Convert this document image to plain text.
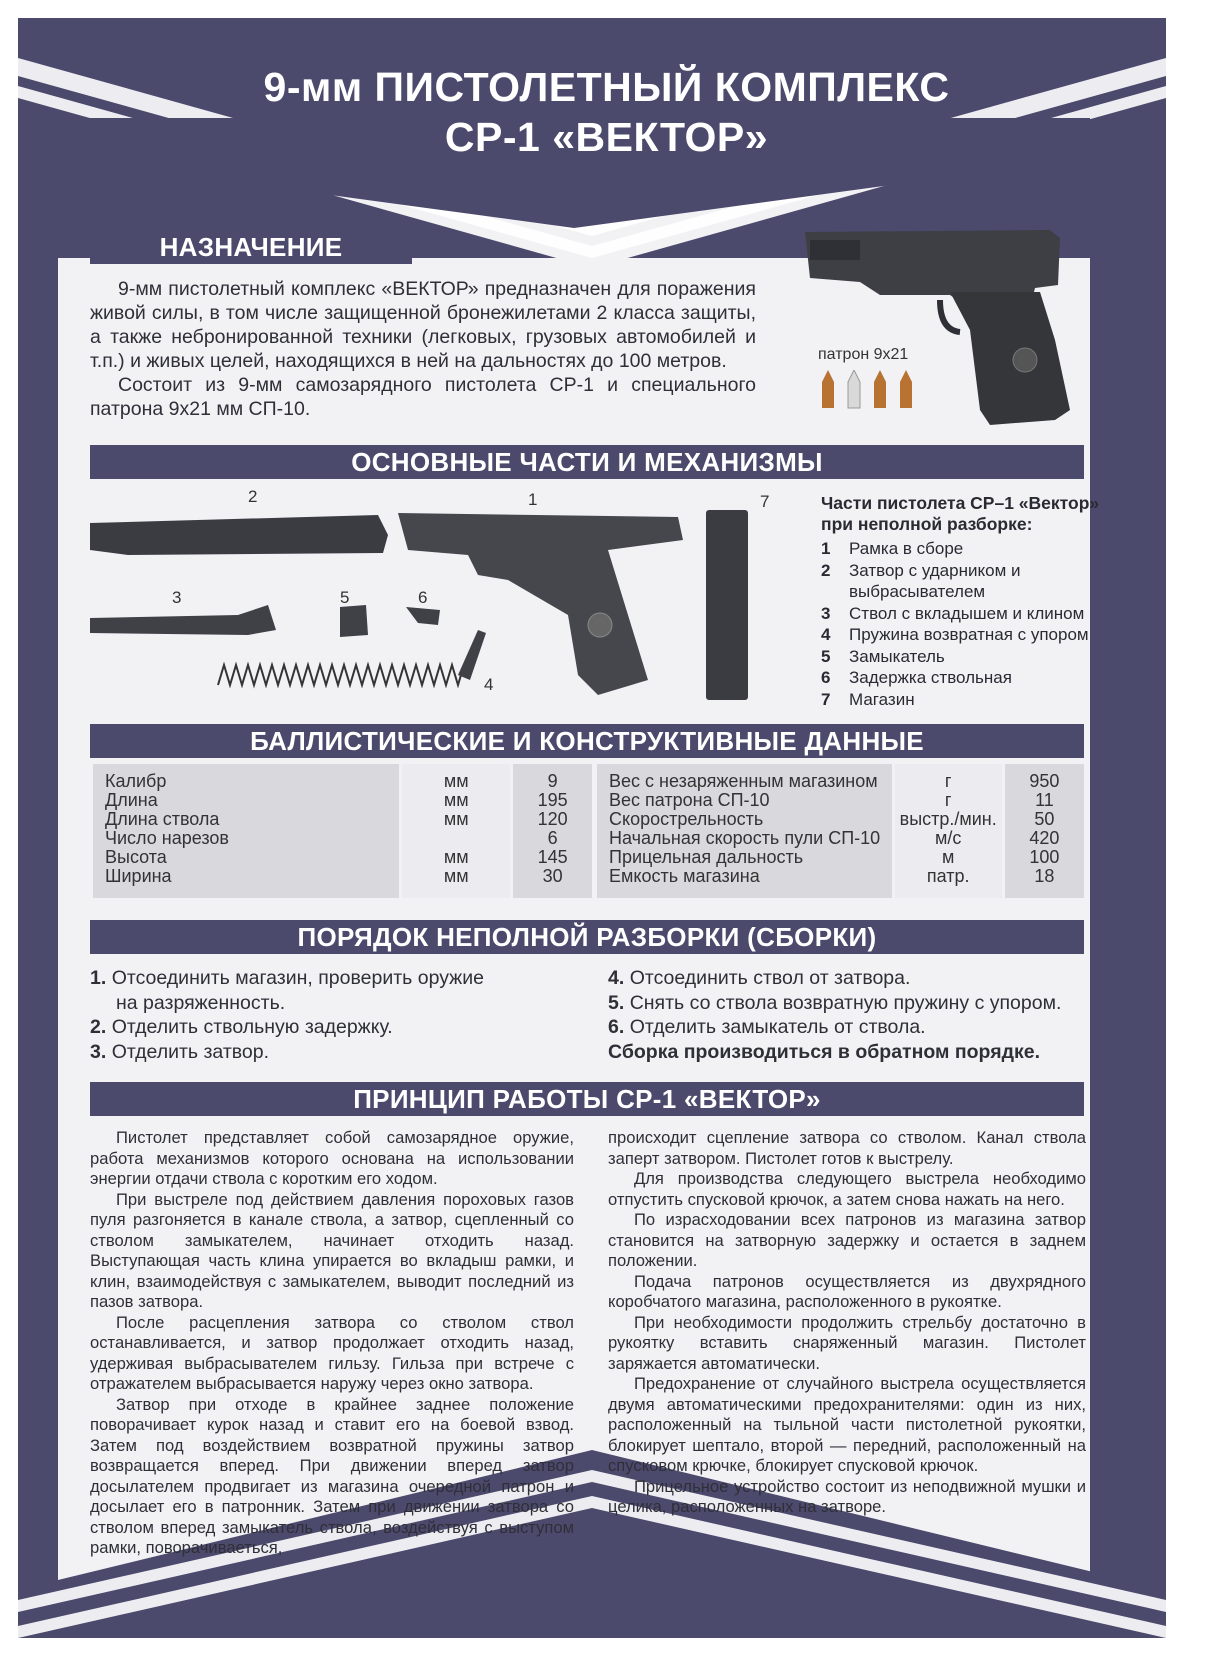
9-мм ПИСТОЛЕТНЫЙ КОМПЛЕКС
СР-1 «ВЕКТОР»
НАЗНАЧЕНИЕ

9-мм пистолетный комплекс «ВЕКТОР» предназначен для поражения живой силы, в том числе защищенной бронежилетами 2 класса защиты, а также небронированной техники (легковых, грузовых автомобилей и т.п.) и живых целей, находящихся в ней на дальностях до 100 метров.

Состоит из 9-мм самозарядного пистолета СР-1 и специального патрона 9х21 мм СП-10.

патрон 9х21
ОСНОВНЫЕ ЧАСТИ И МЕХАНИЗМЫ
2	1	7
3	5	6
4
Части пистолета СР–1 «Вектор» при неполной разборке:
1	Рамка в сборе
2	Затвор с ударником и выбрасывателем
3	Ствол с вкладышем и клином
4	Пружина возвратная с упором
5	Замыкатель
6	Задержка ствольная
7	Магазин
БАЛЛИСТИЧЕСКИЕ И КОНСТРУКТИВНЫЕ ДАННЫЕ
Калибр	мм	9
Длина	мм	195
Длина ствола	мм	120
Число нарезов		6
Высота	мм	145
Ширина	мм	30
Вес с незаряженным магазином	г	950
Вес патрона СП-10	г	11
Скорострельность	выстр./мин.	50
Начальная скорость пули СП-10	м/с	420
Прицельная дальность	м	100
Емкость магазина	патр.	18
ПОРЯДОК НЕПОЛНОЙ РАЗБОРКИ (СБОРКИ)
1. Отсоединить магазин, проверить оружие
на разряженность.
2. Отделить ствольную задержку.
3. Отделить затвор.
4. Отсоединить ствол от затвора.
5. Снять со ствола возвратную пружину с упором.
6. Отделить замыкатель от ствола.
Сборка производиться в обратном порядке.
ПРИНЦИП РАБОТЫ СР-1 «ВЕКТОР»

Пистолет представляет собой самозарядное оружие, работа механизмов которого основана на использовании энергии отдачи ствола с коротким его ходом.

При выстреле под действием давления пороховых газов пуля разгоняется в канале ствола, а затвор, сцепленный со стволом замыкателем, начинает отходить назад. Выступающая часть клина упирается во вкладыш рамки, и клин, взаимодействуя с замыкателем, выводит последний из пазов затвора.

После расцепления затвора со стволом ствол останавливается, и затвор продолжает отходить назад, удерживая выбрасывателем гильзу. Гильза при встрече с отражателем выбрасывается наружу через окно затвора.

Затвор при отходе в крайнее заднее положение поворачивает курок назад и ставит его на боевой взвод. Затем под воздействием возвратной пружины затвор возвращается вперед. При движении вперед затвор досылателем продвигает из магазина очередной патрон и досылает его в патронник. Затем при движении затвора со стволом вперед замыкатель ствола, воздействуя с выступом рамки, поворачиваеться,

происходит сцепление затвора со стволом. Канал ствола заперт затвором. Пистолет готов к выстрелу.

Для производства следующего выстрела необходимо отпустить спусковой крючок, а затем снова нажать на него.

По израсходовании всех патронов из магазина затвор становится на затворную задержку и остается в заднем положении.

Подача патронов осуществляется из двухрядного коробчатого магазина, расположенного в рукоятке.

При необходимости продолжить стрельбу достаточно в рукоятку вставить снаряженный магазин. Пистолет заряжается автоматически.

Предохранение от случайного выстрела осуществляется двумя автоматическими предохранителями: один из них, расположенный на тыльной части пистолетной рукоятки, блокирует шептало, второй — передний, расположенный на спусковом крючке, блокирует спусковой крючок.

Прицельное устройство состоит из неподвижной мушки и целика, расположенных на затворе.
